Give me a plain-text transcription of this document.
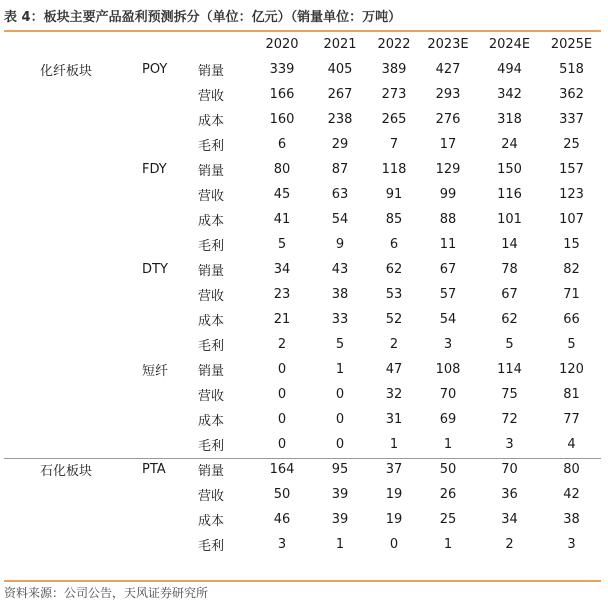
表 4：板块主要产品盈利预测拆分（单位：亿元）（销量单位：万吨）
			2020	2021	2022	2023E	2024E	2025E
化纤板块	POY	销量	339	405	389	427	494	518
		营收	166	267	273	293	342	362
		成本	160	238	265	276	318	337
		毛利	6	29	7	17	24	25
	FDY	销量	80	87	118	129	150	157
		营收	45	63	91	99	116	123
		成本	41	54	85	88	101	107
		毛利	5	9	6	11	14	15
	DTY	销量	34	43	62	67	78	82
		营收	23	38	53	57	67	71
		成本	21	33	52	54	62	66
		毛利	2	5	2	3	5	5
	短纤	销量	0	1	47	108	114	120
		营收	0	0	32	70	75	81
		成本	0	0	31	69	72	77
		毛利	0	0	1	1	3	4
石化板块	PTA	销量	164	95	37	50	70	80
		营收	50	39	19	26	36	42
		成本	46	39	19	25	34	38
		毛利	3	1	0	1	2	3
资料来源：公司公告，天风证券研究所
